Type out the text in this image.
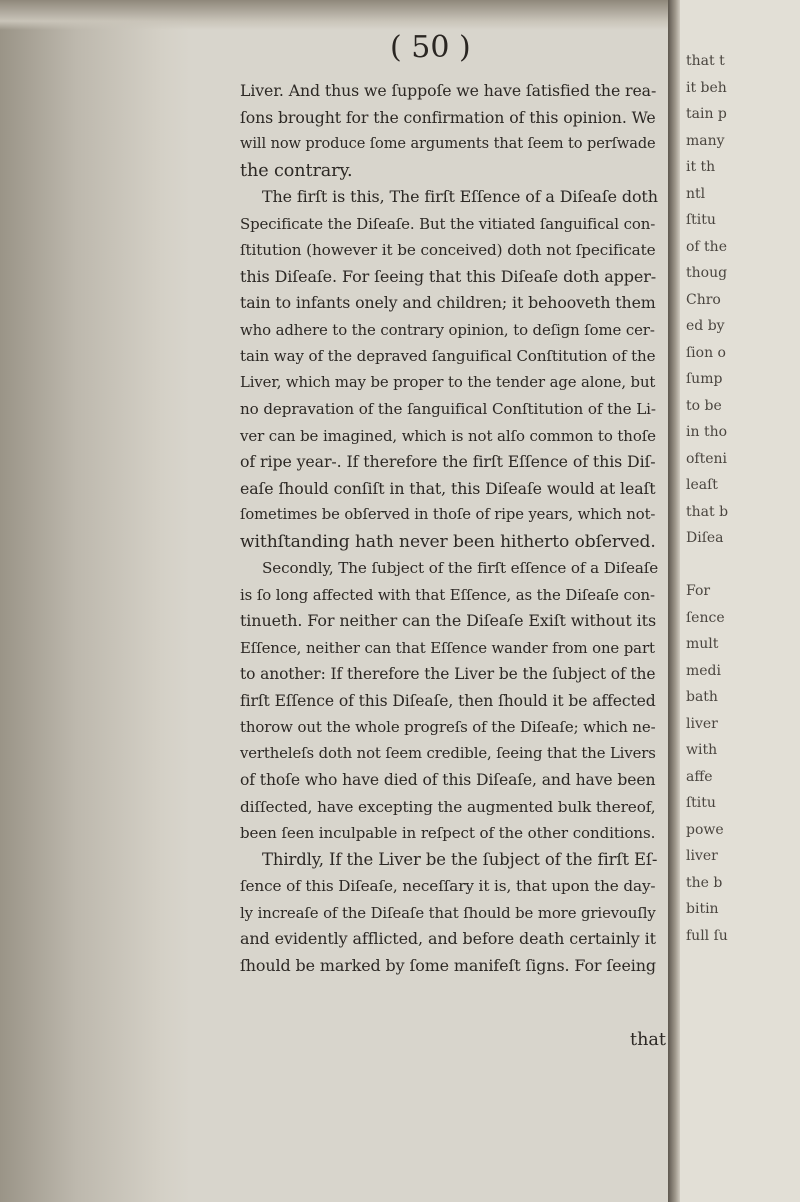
( 50 )
Liver. And thus we ſuppoſe we have ſatisfied the rea-
ſons brought for the confirmation of this opinion. We
will now produce ſome arguments that ſeem to perſwade
the contrary.
The firſt is this, The firſt Eſſence of a Diſeaſe doth
Specificate the Diſeaſe. But the vitiated ſanguifical con-
ſtitution (however it be conceived) doth not ſpecificate
this Diſeaſe. For ſeeing that this Diſeaſe doth apper-
tain to infants onely and children; it behooveth them
who adhere to the contrary opinion, to deſign ſome cer-
tain way of the depraved ſanguifical Conſtitution of the
Liver, which may be proper to the tender age alone, but
no depravation of the ſanguifical Conſtitution of the Li-
ver can be imagined, which is not alſo common to thoſe
of ripe year-. If therefore the firſt Eſſence of this Diſ-
eaſe ſhould conſiſt in that, this Diſeaſe would at leaſt
ſometimes be obſerved in thoſe of ripe years, which not-
withſtanding hath never been hitherto obſerved.
Secondly, The ſubject of the firſt eſſence of a Diſeaſe
is ſo long affected with that Eſſence, as the Diſeaſe con-
tinueth. For neither can the Diſeaſe Exiſt without its
Eſſence, neither can that Eſſence wander from one part
to another: If therefore the Liver be the ſubject of the
firſt Eſſence of this Diſeaſe, then ſhould it be affected
thorow out the whole progreſs of the Diſeaſe; which ne-
vertheleſs doth not ſeem credible, ſeeing that the Livers
of thoſe who have died of this Diſeaſe, and have been
diſſected, have excepting the augmented bulk thereof,
been ſeen inculpable in reſpect of the other conditions.
Thirdly, If the Liver be the ſubject of the firſt Eſ-
ſence of this Diſeaſe, neceſſary it is, that upon the day-
ly increaſe of the Diſeaſe that ſhould be more grievouſly
and evidently afflicted, and before death certainly it
ſhould be marked by ſome manifeſt ſigns. For ſeeing
that
that t
it beh
tain p
many
it th
ntl
ſtitu
of the
thoug
Chro
ed by
ſion o
ſump
to be
in tho
ofteni
leaſt
that b
Diſea
For
ſence
mult
medi
bath
liver
with
affe
ſtitu
powe
liver
the b
bitin
full ſu
